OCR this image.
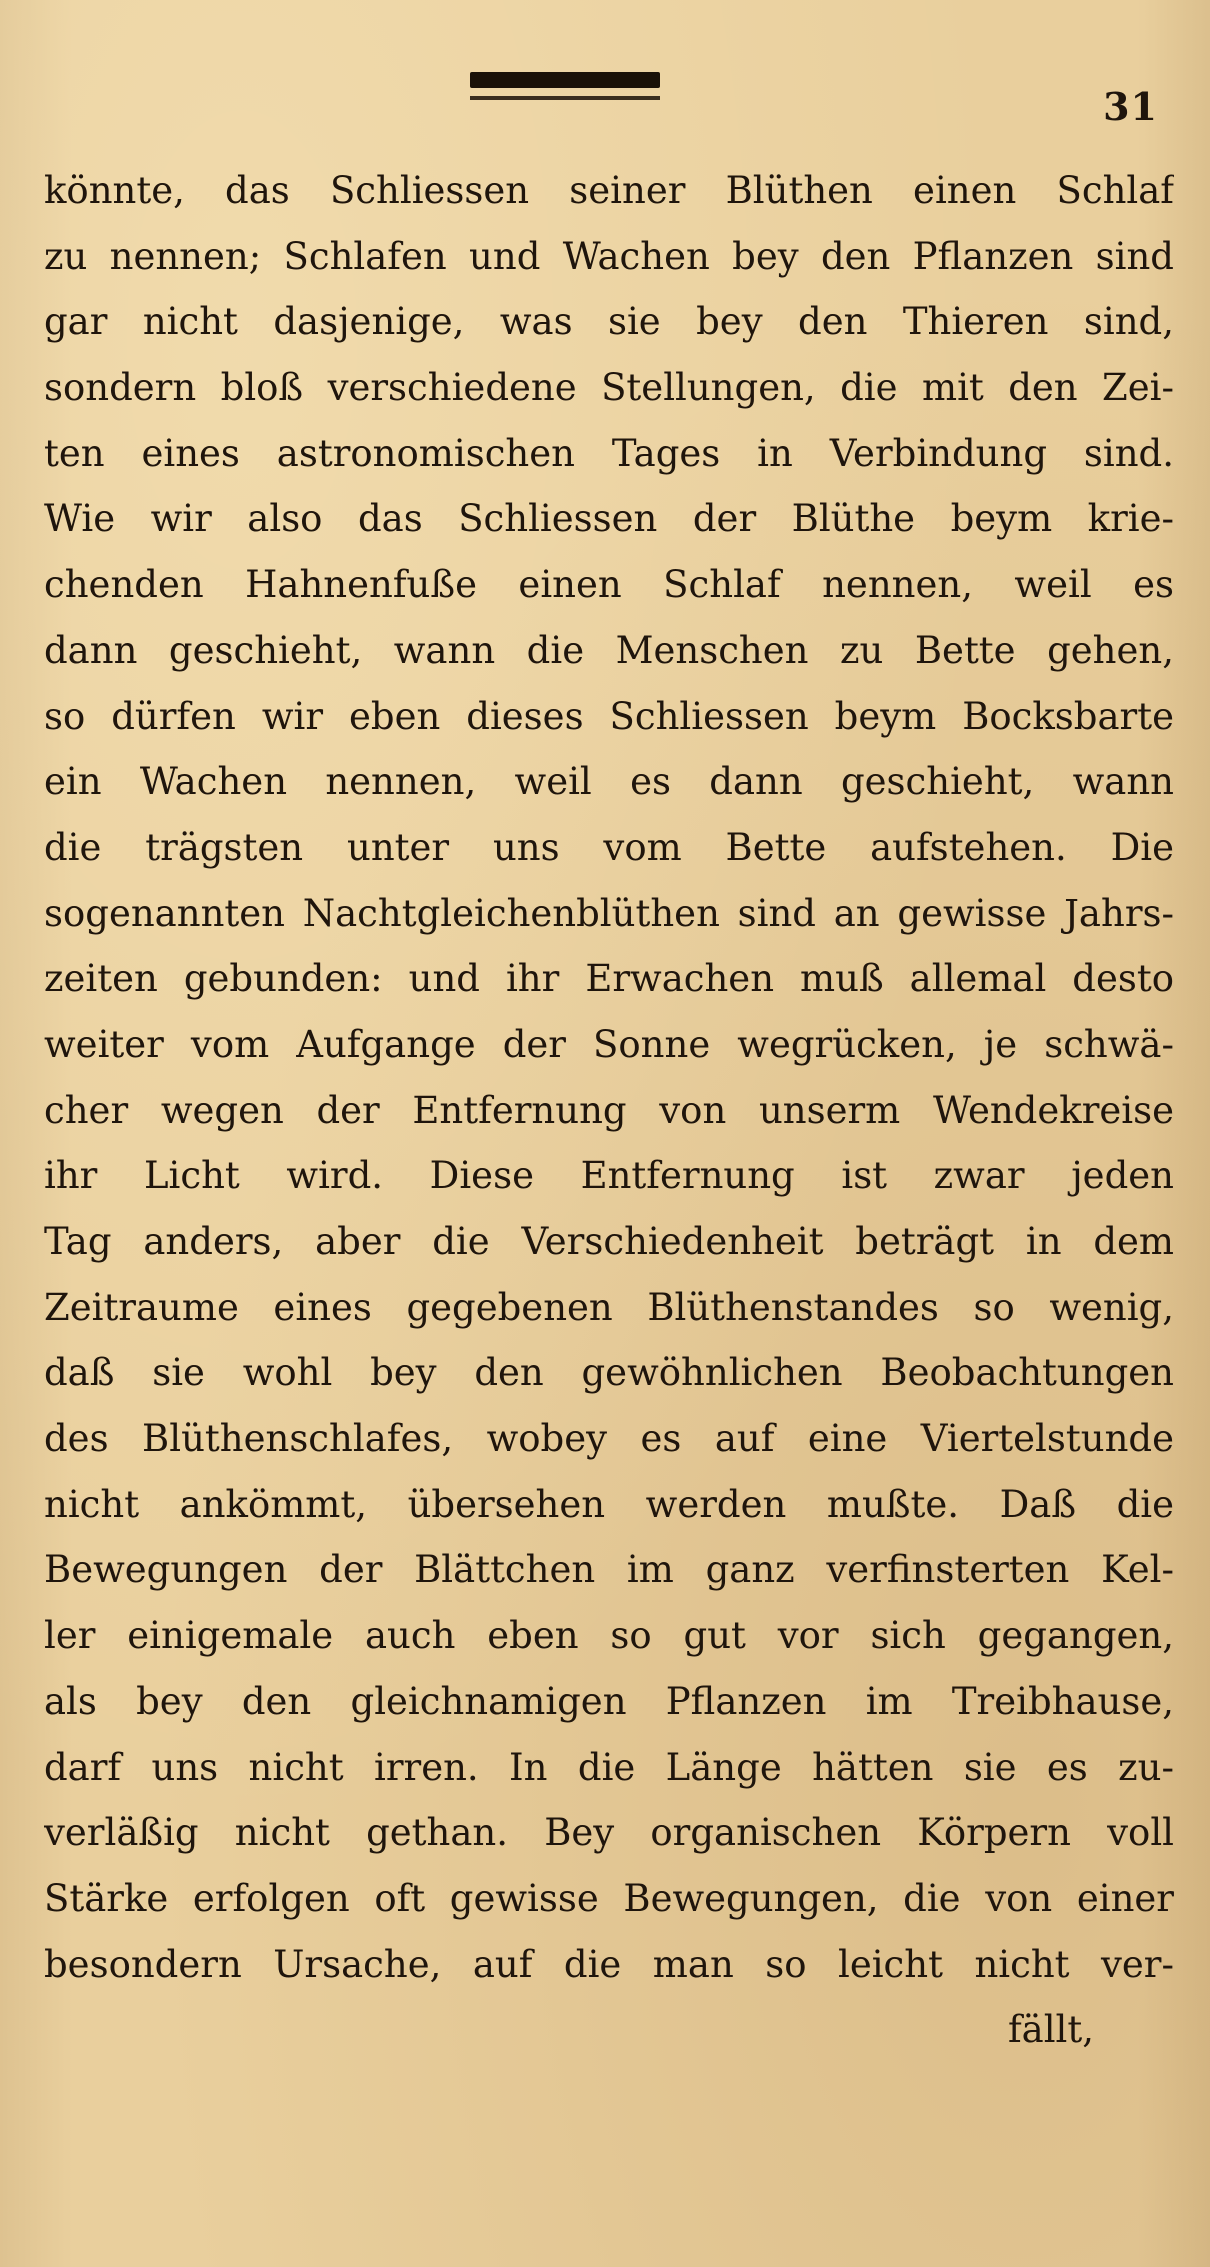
31
könnte, das Schliessen seiner Blüthen einen Schlaf
zu nennen; Schlafen und Wachen bey den Pflanzen sind
gar nicht dasjenige, was sie bey den Thieren sind,
sondern bloß verschiedene Stellungen, die mit den Zei-
ten eines astronomischen Tages in Verbindung sind.
Wie wir also das Schliessen der Blüthe beym krie-
chenden Hahnenfuße einen Schlaf nennen, weil es
dann geschieht, wann die Menschen zu Bette gehen,
so dürfen wir eben dieses Schliessen beym Bocksbarte
ein Wachen nennen, weil es dann geschieht, wann
die trägsten unter uns vom Bette aufstehen. Die
sogenannten Nachtgleichenblüthen sind an gewisse Jahrs-
zeiten gebunden: und ihr Erwachen muß allemal desto
weiter vom Aufgange der Sonne wegrücken, je schwä-
cher wegen der Entfernung von unserm Wendekreise
ihr Licht wird. Diese Entfernung ist zwar jeden
Tag anders, aber die Verschiedenheit beträgt in dem
Zeitraume eines gegebenen Blüthenstandes so wenig,
daß sie wohl bey den gewöhnlichen Beobachtungen
des Blüthenschlafes, wobey es auf eine Viertelstunde
nicht ankömmt, übersehen werden mußte. Daß die
Bewegungen der Blättchen im ganz verfinsterten Kel-
ler einigemale auch eben so gut vor sich gegangen,
als bey den gleichnamigen Pflanzen im Treibhause,
darf uns nicht irren. In die Länge hätten sie es zu-
verläßig nicht gethan. Bey organischen Körpern voll
Stärke erfolgen oft gewisse Bewegungen, die von einer
besondern Ursache, auf die man so leicht nicht ver-
fällt,
